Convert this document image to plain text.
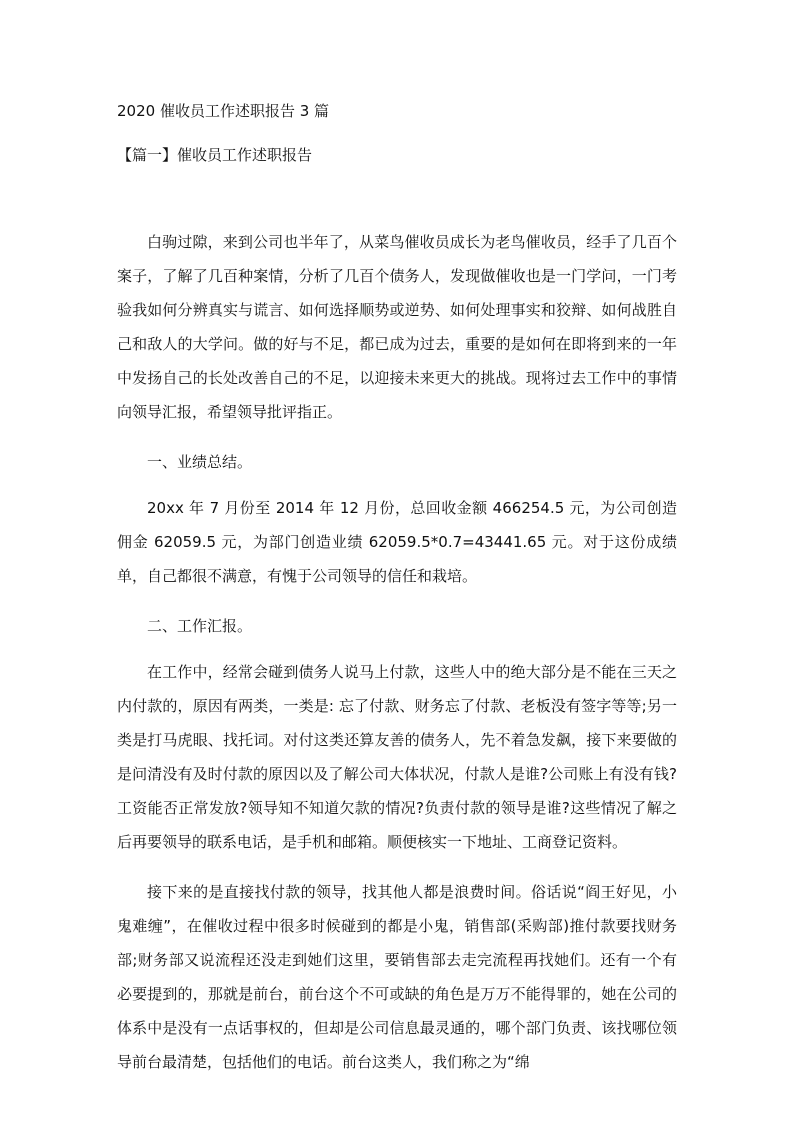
2020 催收员工作述职报告 3 篇
【篇一】催收员工作述职报告

白驹过隙，来到公司也半年了，从菜鸟催收员成长为老鸟催收员，经手了几百个案子，了解了几百种案情，分析了几百个债务人，发现做催收也是一门学问，一门考验我如何分辨真实与谎言、如何选择顺势或逆势、如何处理事实和狡辩、如何战胜自己和敌人的大学问。做的好与不足，都已成为过去，重要的是如何在即将到来的一年中发扬自己的长处改善自己的不足，以迎接未来更大的挑战。现将过去工作中的事情向领导汇报，希望领导批评指正。

一、业绩总结。

20xx 年 7 月份至 2014 年 12 月份，总回收金额 466254.5 元，为公司创造佣金 62059.5 元，为部门创造业绩 62059.5*0.7=43441.65 元。对于这份成绩单，自己都很不满意，有愧于公司领导的信任和栽培。

二、工作汇报。

在工作中，经常会碰到债务人说马上付款，这些人中的绝大部分是不能在三天之内付款的，原因有两类，一类是: 忘了付款、财务忘了付款、老板没有签字等等;另一类是打马虎眼、找托词。对付这类还算友善的债务人，先不着急发飙，接下来要做的是问清没有及时付款的原因以及了解公司大体状况，付款人是谁?公司账上有没有钱?工资能否正常发放?领导知不知道欠款的情况?负责付款的领导是谁?这些情况了解之后再要领导的联系电话，是手机和邮箱。顺便核实一下地址、工商登记资料。

接下来的是直接找付款的领导，找其他人都是浪费时间。俗话说“阎王好见，小鬼难缠”，在催收过程中很多时候碰到的都是小鬼，销售部(采购部)推付款要找财务部;财务部又说流程还没走到她们这里，要销售部去走完流程再找她们。还有一个有必要提到的，那就是前台，前台这个不可或缺的角色是万万不能得罪的，她在公司的体系中是没有一点话事权的，但却是公司信息最灵通的，哪个部门负责、该找哪位领导前台最清楚，包括他们的电话。前台这类人，我们称之为“绵
